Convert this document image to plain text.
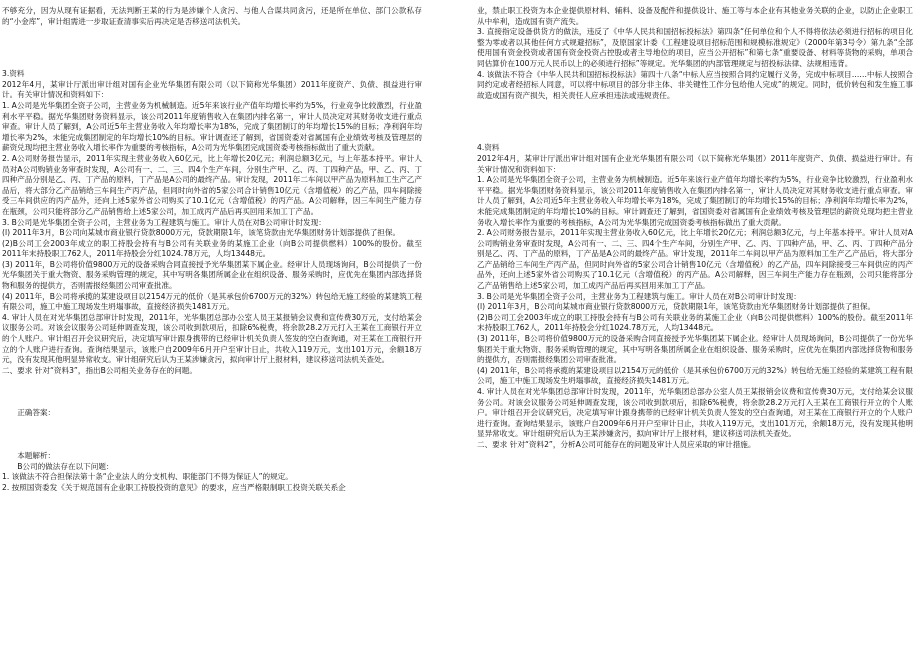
不够充分，因为从现有证据看，无法判断王某的行为是涉嫌个人贪污、与他人合谋共同贪污，还是所在单位、部门公款私存的“小金库”，审计组需进一步取证查清事实后再决定是否移送司法机关。

3.资料

2012年4月，某审计厅派出审计组对国有企业光华集团有限公司（以下简称光华集团）2011年度资产、负债、损益进行审计。有关审计情况和资料如下：

1. A公司是光华集团全资子公司，主营业务为机械制造。近5年来该行业产值年均增长率约为5%，行业竞争比较激烈，行业盈利水平平稳。据光华集团财务资料显示，该公司2011年度销售收入在集团内排名第一，审计人员决定对其财务收支进行重点审查。审计人员了解到，A公司近5年主营业务收入年均增长率为18%，完成了集团制订的年均增长15%的目标；净利润年均增长率为2%，未能完成集团制定的年均增长10%的目标。审计调查还了解到，省国资委对省属国有企业绩效考核及管理层的薪资兑现均把主营业务收入增长率作为重要的考核指标，A公司为光华集团完成国资委考核指标做出了重大贡献。

2. A公司财务报告显示，2011年实现主营业务收入60亿元，比上年增长20亿元；利润总额3亿元，与上年基本持平。审计人员对A公司购销业务审查时发现，A公司有一、二、三、四4个生产车间，分别生产甲、乙、丙、丁四种产品，甲、乙、丙、丁四种产品分别是乙、丙、丁产品的原料，丁产品是A公司的最终产品。审计发现，2011年二车间以甲产品为原料加工生产乙产品后，将大部分乙产品销给三车间生产丙产品，但同时向外省的5家公司合计销售10亿元（含增值税）的乙产品，四车间除接受三车间供应的丙产品外，还向上述5家外省公司购买了10.1亿元（含增值税）的丙产品。A公司解释，因三车间生产能力存在瓶颈，公司只能将部分乙产品销售给上述5家公司，加工成丙产品后再买回用来加工丁产品。

3. B公司是光华集团全资子公司，主营业务为工程建筑与施工。审计人员在对B公司审计时发现：

(l) 2011年3月，B公司向某城市商业银行贷款8000万元，贷款期限1年，该笔贷款由光华集团财务计划部提供了担保。

(2)B公司工会2003年成立的职工持股会持有与B公司有关联业务的某施工企业（向B公司提供燃料）100%的股份。截至2011年末持股职工762人，2011年持股会分红1024.78万元，人均13448元。

(3) 2011年，B公司将价值9800万元的设备采购合同直接授予光华集团某下属企业。经审计人员现场询问，B公司提供了一份光华集团关于重大物资、服务采购管理的规定，其中写明各集团所属企业在组织设备、服务采购时，应优先在集团内部选择货物和服务的提供方，否则需报经集团公司审查批准。

(4) 2011年，B公司将承揽的某建设项目以2154万元的低价（是其承包价6700万元的32%）转包给无施工经验的某建筑工程有限公司，施工中施工现场发生坍塌事故，直接经济损失1481万元。

4. 审计人员在对光华集团总部审计时发现，2011年，光华集团总部办公室人员王某报销会议费和宣传费30万元，支付给某会议服务公司。对该会议服务公司延伸调查发现，该公司收到款项后，扣除6%税费，将余款28.2万元打入王某在工商银行开立的个人账户。审计组召开会议研究后，决定填写审计跟身携带的已经审计机关负责人签发的空白查询通，对王某在工商银行开立的个人账户进行查询。查询结果显示，该账户自2009年6月开户至审计日止，共收入119万元，支出101万元，余额18万元，没有发现其他明显异常收支。审计组研究后认为王某涉嫌贪污，拟向审计厅上报材料，建议移送司法机关查处。

二、要求 针对“资料3”，指出B公司相关业务存在的问题。

正确答案：

本题解析：

B公司的做法存在以下问题：

1. 该做法不符合担保法第十条“企业法人的分支机构、职能部门不得为保证人”的规定。

2. 按照国资委发《关于规范国有企业职工持股投资的意见》的要求，应当严格限制职工投资关联关系企

业，禁止职工投资为本企业提供原材料、辅料、设备及配件和提供设计、施工等与本企业有其他业务关联的企业，以防止企业职工从中牟利，造成国有资产流失。

3. 直接指定设备供货方的做法，违反了《中华人民共和国招标投标法》第四条“任何单位和个人不得将依法必须进行招标的项目化整为零或者以其他任何方式规避招标”，及原国家计委《工程建设项目招标范围和规模标准规定》（2000年第3号令）第九条“全部使用国有资金投资或者国有资金投资占控股或者主导地位的项目，应当公开招标”和第七条“重要设备、材料等货物的采购，单项合同估算价在100万元人民币以上的必须进行招标”等规定。光华集团的内部管理规定与招投标法律、法规相违背。

4. 该做法不符合《中华人民共和国招标投标法》第四十八条“中标人应当按照合同约定履行义务，完成中标项目……中标人按照合同约定或者经招标人同意，可以将中标项目的部分非主体、非关键性工作分包给他人完成”的规定。同时，低价转包和发生施工事故造成国有资产损失，相关责任人应承担违法或违规责任。

4.资料

2012年4月，某审计厅派出审计组对国有企业光华集团有限公司（以下简称光华集团）2011年度资产、负债、损益进行审计。有关审计情况和资料如下：

1. A公司是光华集团全资子公司，主营业务为机械制造。近5年来该行业产值年均增长率约为5%，行业竞争比较激烈，行业盈利水平平稳。据光华集团财务资料显示，该公司2011年度销售收入在集团内排名第一，审计人员决定对其财务收支进行重点审查。审计人员了解到，A公司近5年主营业务收入年均增长率为18%，完成了集团制订的年均增长15%的目标；净利润年均增长率为2%，未能完成集团制定的年均增长10%的目标。审计调查还了解到，省国资委对省属国有企业绩效考核及管理层的薪资兑现均把主营业务收入增长率作为重要的考核指标，A公司为光华集团完成国资委考核指标做出了重大贡献。

2. A公司财务报告显示，2011年实现主营业务收入60亿元，比上年增长20亿元；利润总额3亿元，与上年基本持平。审计人员对A公司购销业务审查时发现，A公司有一、二、三、四4个生产车间，分别生产甲、乙、丙、丁四种产品，甲、乙、丙、丁四种产品分别是乙、丙、丁产品的原料，丁产品是A公司的最终产品。审计发现，2011年二车间以甲产品为原料加工生产乙产品后，将大部分乙产品销给三车间生产丙产品，但同时向外省的5家公司合计销售10亿元（含增值税）的乙产品，四车间除接受三车间供应的丙产品外，还向上述5家外省公司购买了10.1亿元（含增值税）的丙产品。A公司解释，因三车间生产能力存在瓶颈，公司只能将部分乙产品销售给上述5家公司，加工成丙产品后再买回用来加工丁产品。

3. B公司是光华集团全资子公司，主营业务为工程建筑与施工。审计人员在对B公司审计时发现：

(l) 2011年3月，B公司向某城市商业银行贷款8000万元，贷款期限1年，该笔贷款由光华集团财务计划部提供了担保。

(2)B公司工会2003年成立的职工持股会持有与B公司有关联业务的某施工企业（向B公司提供燃料）100%的股份。截至2011年末持股职工762人，2011年持股会分红1024.78万元，人均13448元。

(3) 2011年，B公司将价值9800万元的设备采购合同直接授予光华集团某下属企业。经审计人员现场询问，B公司提供了一份光华集团关于重大物资、服务采购管理的规定，其中写明各集团所属企业在组织设备、服务采购时，应优先在集团内部选择货物和服务的提供方，否则需报经集团公司审查批准。

(4) 2011年，B公司将承揽的某建设项目以2154万元的低价（是其承包价6700万元的32%）转包给无施工经验的某建筑工程有限公司，施工中施工现场发生坍塌事故，直接经济损失1481万元。

4. 审计人员在对光华集团总部审计时发现，2011年，光华集团总部办公室人员王某报销会议费和宣传费30万元，支付给某会议服务公司。对该会议服务公司延伸调查发现，该公司收到款项后，扣除6%税费，将余款28.2万元打入王某在工商银行开立的个人账户。审计组召开会议研究后，决定填写审计跟身携带的已经审计机关负责人签发的空白查询通，对王某在工商银行开立的个人账户进行查询。查询结果显示，该账户自2009年6月开户至审计日止，共收入119万元，支出101万元，余额18万元，没有发现其他明显异常收支。审计组研究后认为王某涉嫌贪污，拟向审计厅上报材料，建议移送司法机关查处。

二、要求 针对“资料2”，分析A公司可能存在的问题及审计人员应采取的审计措施。
